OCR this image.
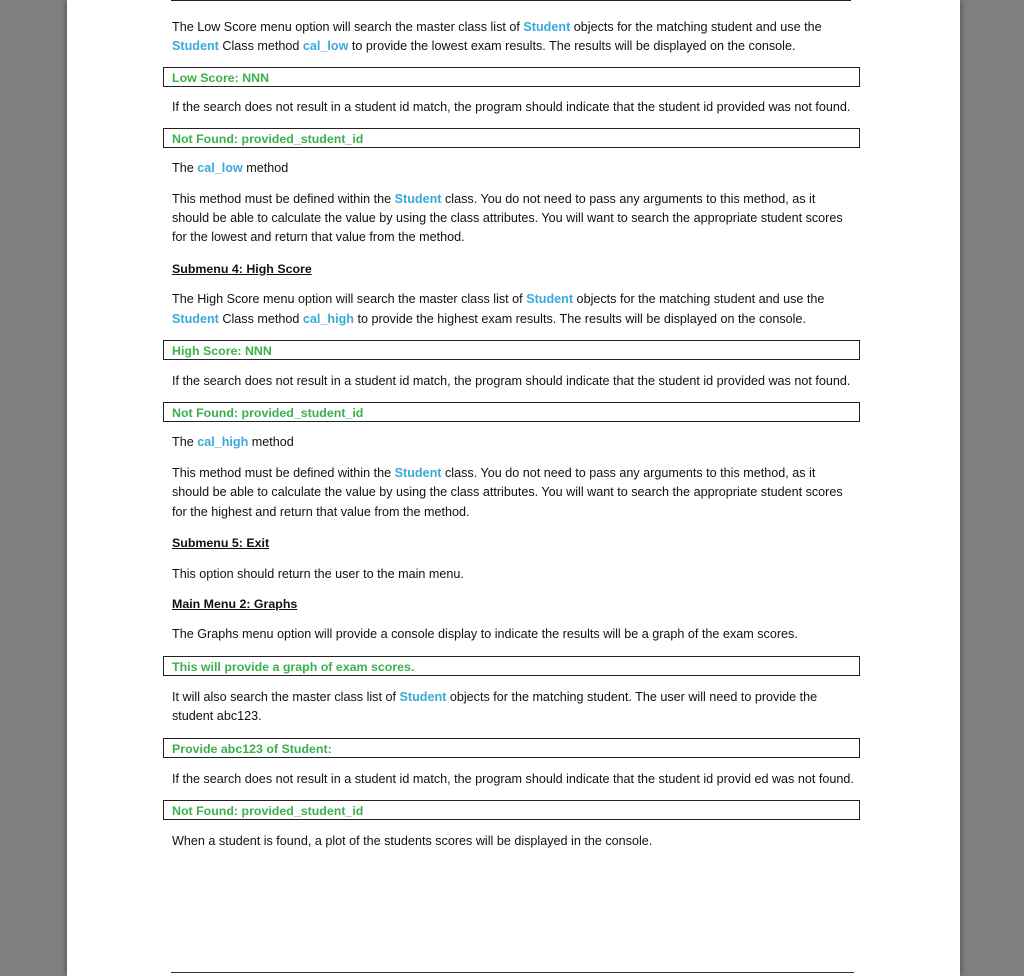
The Low Score menu option will search the master class list of Student objects for the matching student and use the Student Class method cal_low to provide the lowest exam results. The results will be displayed on the console.

Low Score: NNN

If the search does not result in a student id match, the program should indicate that the student id provided was not found.

Not Found: provided_student_id

The cal_low method

This method must be defined within the Student class. You do not need to pass any arguments to this method, as it should be able to calculate the value by using the class attributes. You will want to search the appropriate student scores for the lowest and return that value from the method.

Submenu 4: High Score

The High Score menu option will search the master class list of Student objects for the matching student and use the Student Class method cal_high to provide the highest exam results. The results will be displayed on the console.

High Score: NNN

If the search does not result in a student id match, the program should indicate that the student id provided was not found.

Not Found: provided_student_id

The cal_high method

This method must be defined within the Student class. You do not need to pass any arguments to this method, as it should be able to calculate the value by using the class attributes. You will want to search the appropriate student scores for the highest and return that value from the method.

Submenu 5: Exit

This option should return the user to the main menu.

Main Menu 2: Graphs

The Graphs menu option will provide a console display to indicate the results will be a graph of the exam scores.

This will provide a graph of exam scores.

It will also search the master class list of Student objects for the matching student. The user will need to provide the student abc123.

Provide abc123 of Student:

If the search does not result in a student id match, the program should indicate that the student id provid ed was not found.

Not Found: provided_student_id

When a student is found, a plot of the students scores will be displayed in the console.
